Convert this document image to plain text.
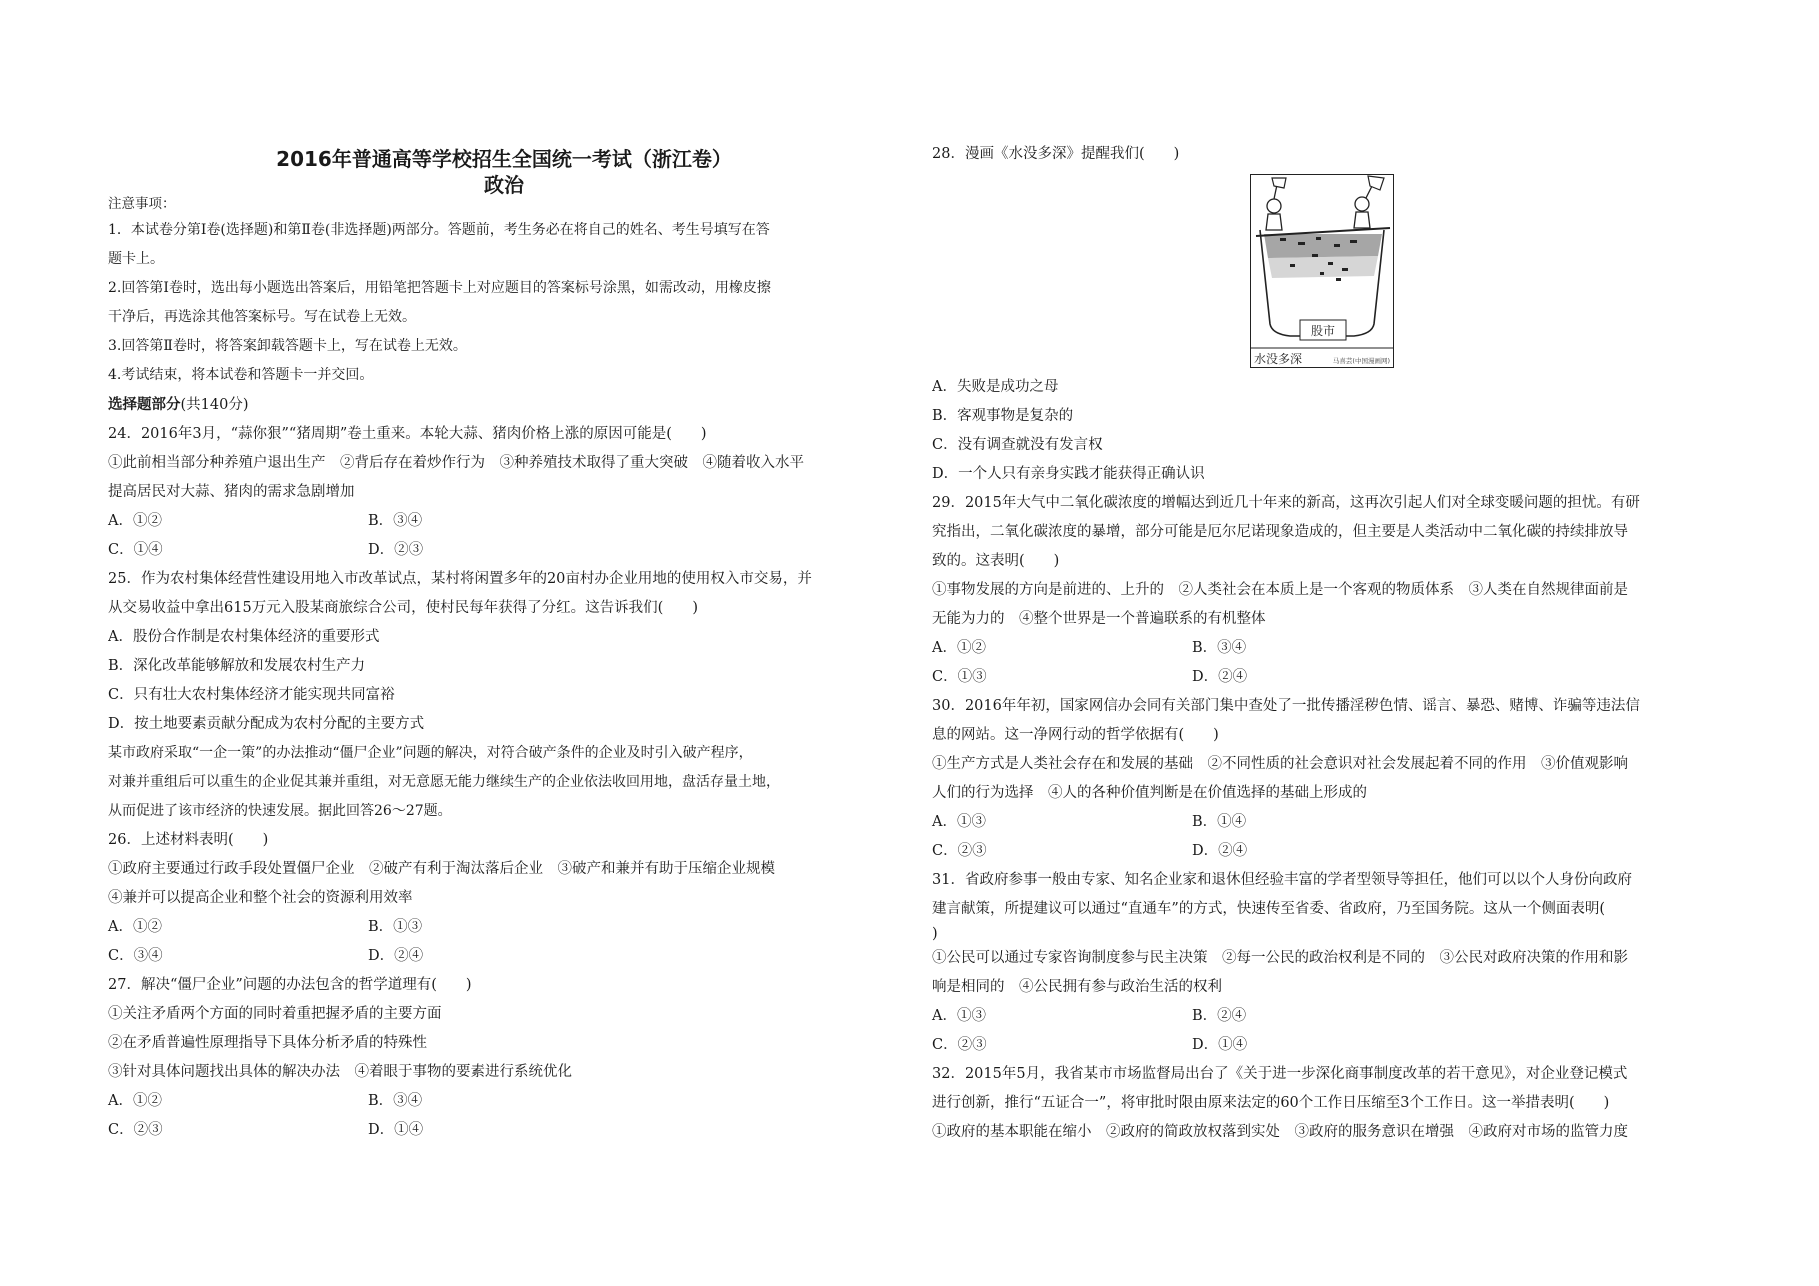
2016年普通高等学校招生全国统一考试（浙江卷）
政治
注意事项：
1．本试卷分第Ⅰ卷(选择题)和第Ⅱ卷(非选择题)两部分。答题前，考生务必在将自己的姓名、考生号填写在答
题卡上。
2.回答第Ⅰ卷时，选出每小题选出答案后，用铅笔把答题卡上对应题目的答案标号涂黑，如需改动，用橡皮擦
干净后，再选涂其他答案标号。写在试卷上无效。
3.回答第Ⅱ卷时，将答案卸载答题卡上，写在试卷上无效。
4.考试结束，将本试卷和答题卡一并交回。
选择题部分(共140分)
24．2016年3月，“蒜你狠”“猪周期”卷土重来。本轮大蒜、猪肉价格上涨的原因可能是(　　)
①此前相当部分种养殖户退出生产　②背后存在着炒作行为　③种养殖技术取得了重大突破　④随着收入水平
提高居民对大蒜、猪肉的需求急剧增加
A．①②	B．③④
C．①④	D．②③
25．作为农村集体经营性建设用地入市改革试点，某村将闲置多年的20亩村办企业用地的使用权入市交易，并
从交易收益中拿出615万元入股某商旅综合公司，使村民每年获得了分红。这告诉我们(　　)
A．股份合作制是农村集体经济的重要形式
B．深化改革能够解放和发展农村生产力
C．只有壮大农村集体经济才能实现共同富裕
D．按土地要素贡献分配成为农村分配的主要方式
某市政府采取“一企一策”的办法推动“僵尸企业”问题的解决，对符合破产条件的企业及时引入破产程序，
对兼并重组后可以重生的企业促其兼并重组，对无意愿无能力继续生产的企业依法收回用地，盘活存量土地，
从而促进了该市经济的快速发展。据此回答26～27题。
26．上述材料表明(　　)
①政府主要通过行政手段处置僵尸企业　②破产有利于淘汰落后企业　③破产和兼并有助于压缩企业规模
④兼并可以提高企业和整个社会的资源利用效率
A．①②	B．①③
C．③④	D．②④
27．解决“僵尸企业”问题的办法包含的哲学道理有(　　)
①关注矛盾两个方面的同时着重把握矛盾的主要方面
②在矛盾普遍性原理指导下具体分析矛盾的特殊性
③针对具体问题找出具体的解决办法　④着眼于事物的要素进行系统优化
A．①②	B．③④
C．②③	D．①④
28．漫画《水没多深》提醒我们(　　)
股市
水没多深	马喜芸(中国漫画网)
A．失败是成功之母
B．客观事物是复杂的
C．没有调查就没有发言权
D．一个人只有亲身实践才能获得正确认识
29．2015年大气中二氧化碳浓度的增幅达到近几十年来的新高，这再次引起人们对全球变暖问题的担忧。有研
究指出，二氧化碳浓度的暴增，部分可能是厄尔尼诺现象造成的，但主要是人类活动中二氧化碳的持续排放导
致的。这表明(　　)
①事物发展的方向是前进的、上升的　②人类社会在本质上是一个客观的物质体系　③人类在自然规律面前是
无能为力的　④整个世界是一个普遍联系的有机整体
A．①②	B．③④
C．①③	D．②④
30．2016年年初，国家网信办会同有关部门集中查处了一批传播淫秽色情、谣言、暴恐、赌博、诈骗等违法信
息的网站。这一净网行动的哲学依据有(　　)
①生产方式是人类社会存在和发展的基础　②不同性质的社会意识对社会发展起着不同的作用　③价值观影响
人们的行为选择　④人的各种价值判断是在价值选择的基础上形成的
A．①③	B．①④
C．②③	D．②④
31．省政府参事一般由专家、知名企业家和退休但经验丰富的学者型领导等担任，他们可以以个人身份向政府
建言献策，所提建议可以通过“直通车”的方式，快速传至省委、省政府，乃至国务院。这从一个侧面表明(
)
①公民可以通过专家咨询制度参与民主决策　②每一公民的政治权利是不同的　③公民对政府决策的作用和影
响是相同的　④公民拥有参与政治生活的权利
A．①③	B．②④
C．②③	D．①④
32．2015年5月，我省某市市场监督局出台了《关于进一步深化商事制度改革的若干意见》，对企业登记模式
进行创新，推行“五证合一”，将审批时限由原来法定的60个工作日压缩至3个工作日。这一举措表明(　　)
①政府的基本职能在缩小　②政府的简政放权落到实处　③政府的服务意识在增强　④政府对市场的监管力度
